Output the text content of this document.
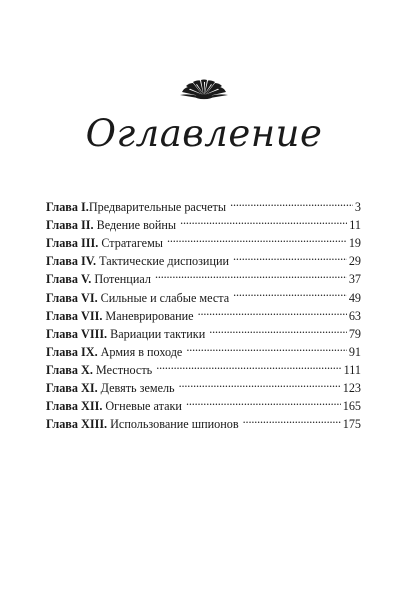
Оглавление
Глава I. Предварительные расчеты . . .	3
Глава II. Ведение войны . . .	11
Глава III. Стратагемы . . .	19
Глава IV. Тактические диспозиции . . .	29
Глава V. Потенциал . . .	37
Глава VI. Сильные и слабые места . . .	49
Глава VII. Маневрирование . . .	63
Глава VIII. Вариации тактики . . .	79
Глава IX. Армия в походе . . .	91
Глава X. Местность . . .	111
Глава XI. Девять земель . . .	123
Глава XII. Огневые атаки . . .	165
Глава XIII. Использование шпионов . . .	175
